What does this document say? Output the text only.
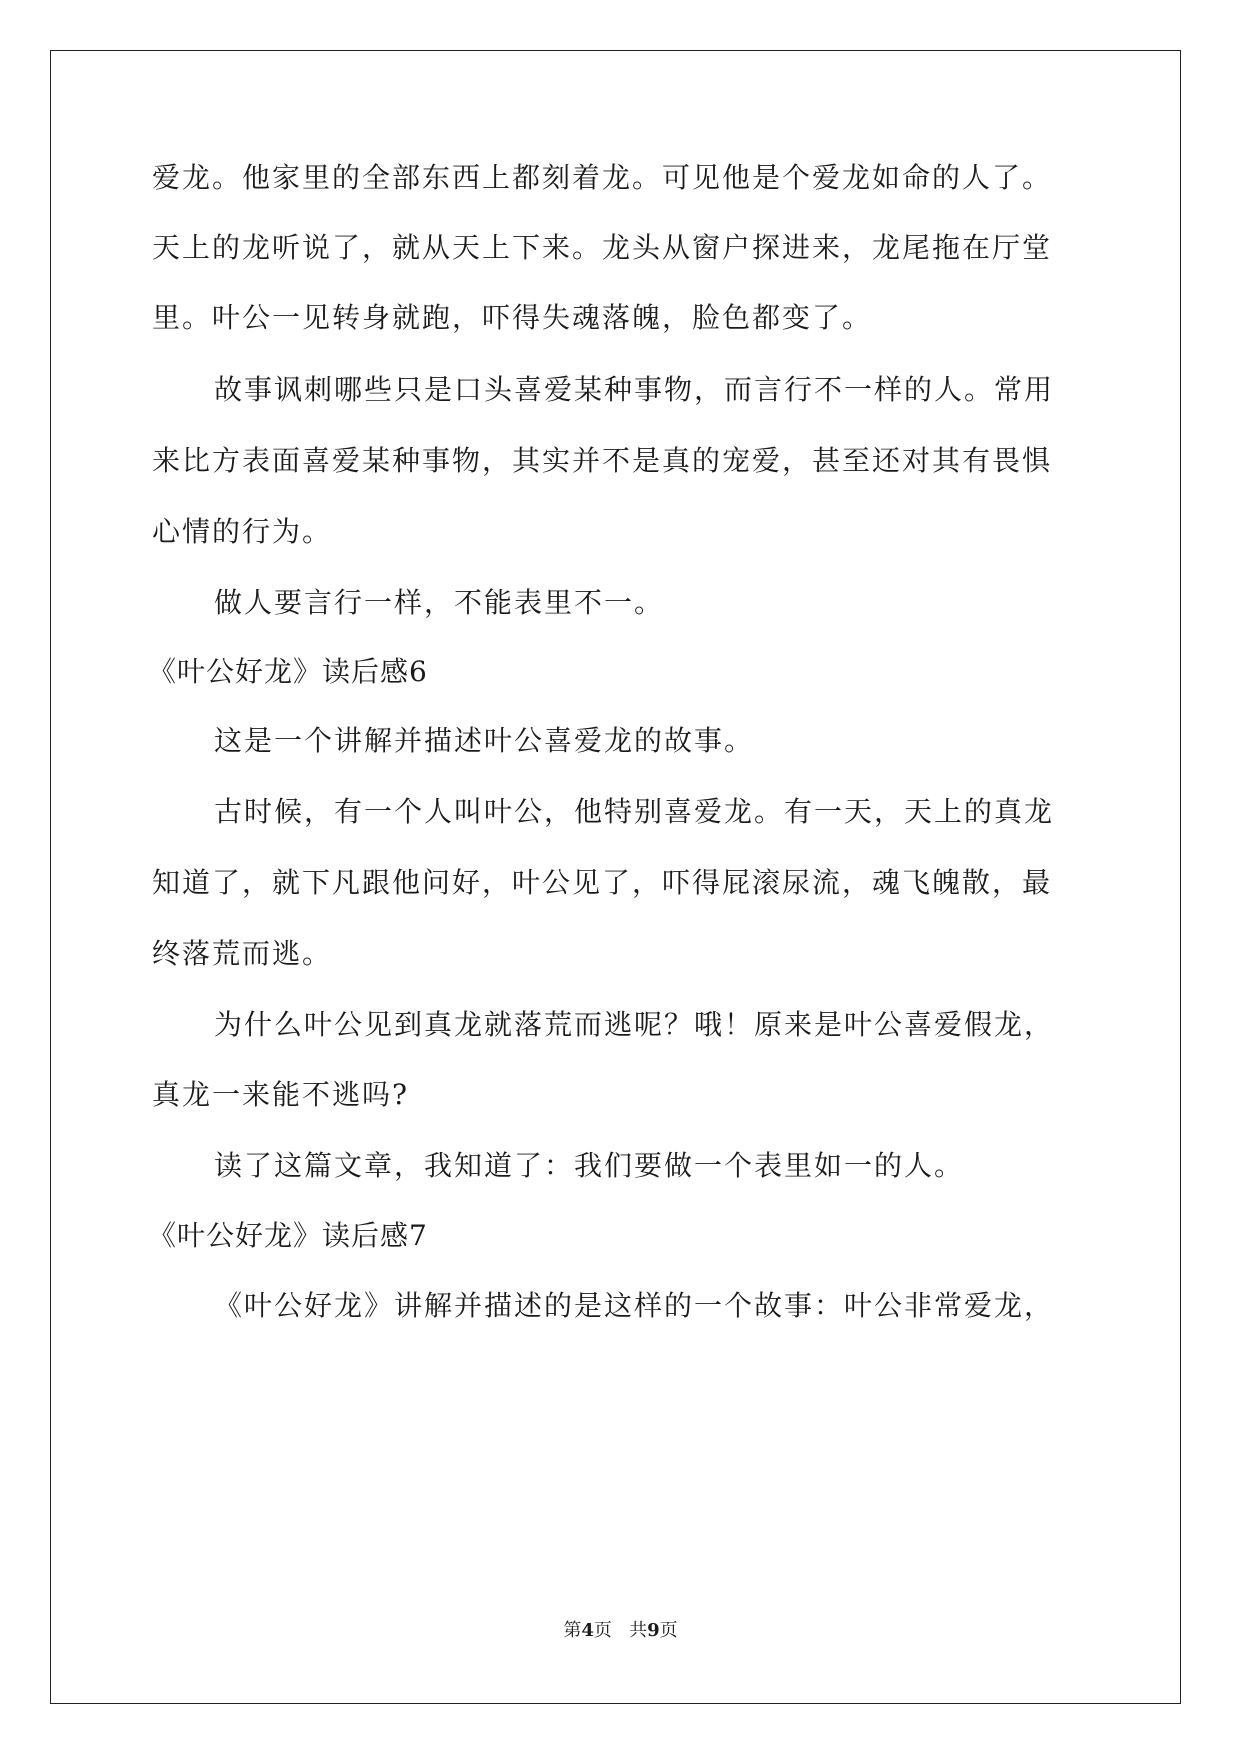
爱龙。他家里的全部东西上都刻着龙。可见他是个爱龙如命的人了。
天上的龙听说了，就从天上下来。龙头从窗户探进来，龙尾拖在厅堂
里。叶公一见转身就跑，吓得失魂落魄，脸色都变了。
故事讽刺哪些只是口头喜爱某种事物，而言行不一样的人。常用
来比方表面喜爱某种事物，其实并不是真的宠爱，甚至还对其有畏惧
心情的行为。
做人要言行一样，不能表里不一。
《叶公好龙》读后感6
这是一个讲解并描述叶公喜爱龙的故事。
古时候，有一个人叫叶公，他特别喜爱龙。有一天，天上的真龙
知道了，就下凡跟他问好，叶公见了，吓得屁滚尿流，魂飞魄散，最
终落荒而逃。
为什么叶公见到真龙就落荒而逃呢？哦！原来是叶公喜爱假龙，
真龙一来能不逃吗?
读了这篇文章，我知道了：我们要做一个表里如一的人。
《叶公好龙》读后感7
《叶公好龙》讲解并描述的是这样的一个故事：叶公非常爱龙，
第4页   共9页
